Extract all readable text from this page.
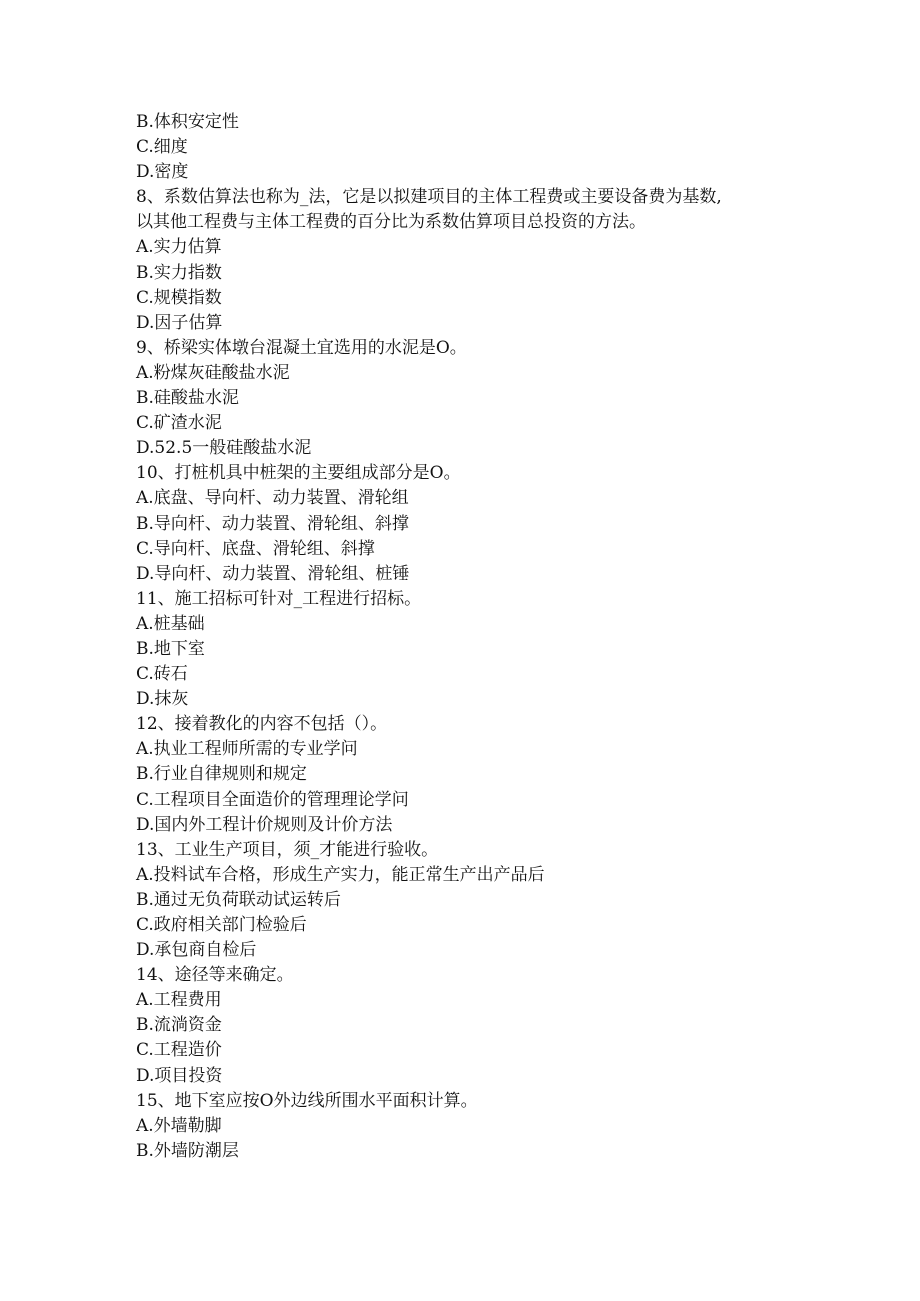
B.体积安定性

C.细度

D.密度

8、系数估算法也称为_法，它是以拟建项目的主体工程费或主要设备费为基数,

以其他工程费与主体工程费的百分比为系数估算项目总投资的方法。

A.实力估算

B.实力指数

C.规模指数

D.因子估算

9、桥梁实体墩台混凝土宜选用的水泥是O。

A.粉煤灰硅酸盐水泥

B.硅酸盐水泥

C.矿渣水泥

D.52.5一般硅酸盐水泥

10、打桩机具中桩架的主要组成部分是O。

A.底盘、导向杆、动力装置、滑轮组

B.导向杆、动力装置、滑轮组、斜撑

C.导向杆、底盘、滑轮组、斜撑

D.导向杆、动力装置、滑轮组、桩锤

11、施工招标可针对_工程进行招标。

A.桩基础

B.地下室

C.砖石

D.抹灰

12、接着教化的内容不包括（）。

A.执业工程师所需的专业学问

B.行业自律规则和规定

C.工程项目全面造价的管理理论学问

D.国内外工程计价规则及计价方法

13、工业生产项目，须_才能进行验收。

A.投料试车合格，形成生产实力，能正常生产出产品后

B.通过无负荷联动试运转后

C.政府相关部门检验后

D.承包商自检后

14、途径等来确定。

A.工程费用

B.流淌资金

C.工程造价

D.项目投资

15、地下室应按O外边线所围水平面积计算。

A.外墙勒脚

B.外墙防潮层
